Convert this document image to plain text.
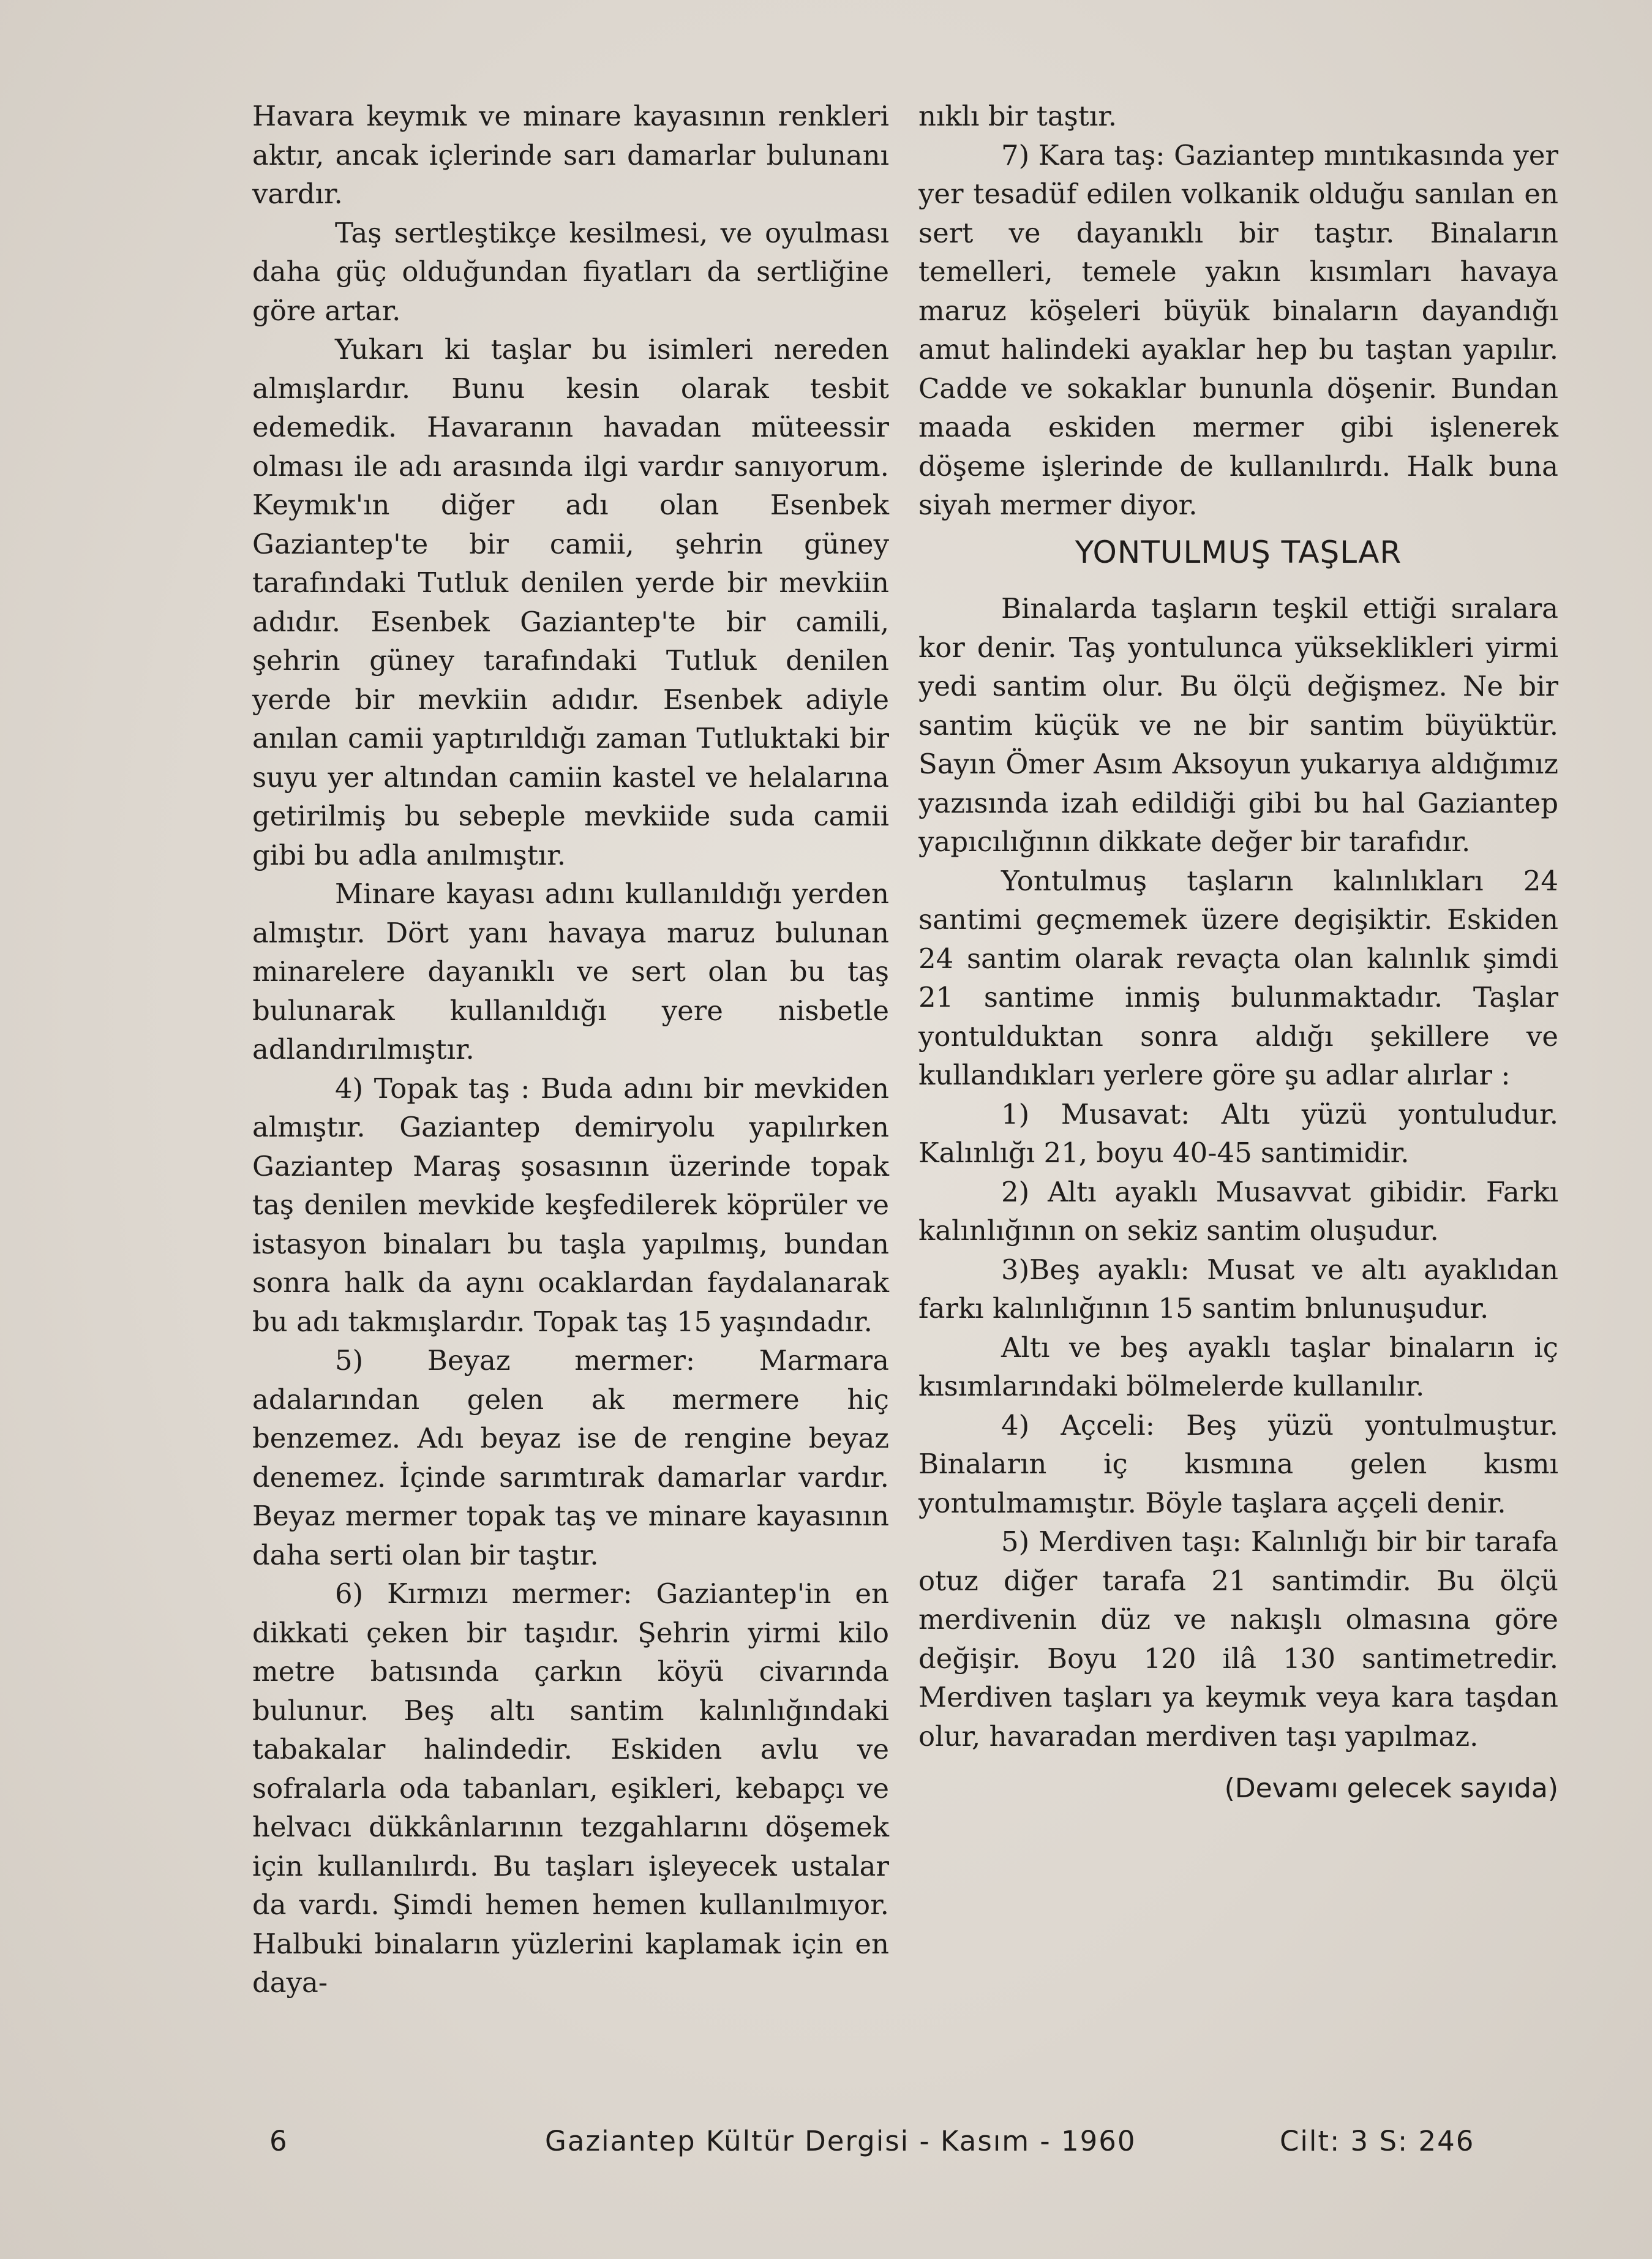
Havara keymık ve minare kayasının renkleri aktır, ancak içlerinde sarı damarlar bulunanı vardır.

Taş sertleştikçe kesilmesi, ve oyulması daha güç olduğundan fiyatları da sertliğine göre artar.

Yukarı ki taşlar bu isimleri nereden almışlardır. Bunu kesin olarak tesbit edemedik. Havaranın havadan müteessir olması ile adı arasında ilgi vardır sanıyorum. Keymık'ın diğer adı olan Esenbek Gaziantep'te bir camii, şehrin güney tarafındaki Tutluk denilen yerde bir mevkiin adıdır. Esenbek Gaziantep'te bir camili, şehrin güney tarafındaki Tutluk denilen yerde bir mevkiin adıdır. Esenbek adiyle anılan camii yaptırıldığı zaman Tutluktaki bir suyu yer altından camiin kastel ve helalarına getirilmiş bu sebeple mevkiide suda camii gibi bu adla anılmıştır.

Minare kayası adını kullanıldığı yerden almıştır. Dört yanı havaya maruz bulunan minarelere dayanıklı ve sert olan bu taş bulunarak kullanıldığı yere nisbetle adlandırılmıştır.

4) Topak taş : Buda adını bir mevkiden almıştır. Gaziantep demiryolu yapılırken Gaziantep Maraş şosasının üzerinde topak taş denilen mevkide keşfedilerek köprüler ve istasyon binaları bu taşla yapılmış, bundan sonra halk da aynı ocaklardan faydalanarak bu adı takmışlardır. Topak taş 15 yaşındadır.

5) Beyaz mermer: Marmara adalarından gelen ak mermere hiç benzemez. Adı beyaz ise de rengine beyaz denemez. İçinde sarımtırak damarlar vardır. Beyaz mermer topak taş ve minare kayasının daha serti olan bir taştır.

6) Kırmızı mermer: Gaziantep'in en dikkati çeken bir taşıdır. Şehrin yirmi kilo metre batısında çarkın köyü civarında bulunur. Beş altı santim kalınlığındaki tabakalar halindedir. Eskiden avlu ve sofralarla oda tabanları, eşikleri, kebapçı ve helvacı dükkânlarının tezgahlarını döşemek için kullanılırdı. Bu taşları işleyecek ustalar da vardı. Şimdi hemen hemen kullanılmıyor. Halbuki binaların yüzlerini kaplamak için en daya-

nıklı bir taştır.

7) Kara taş: Gaziantep mıntıkasında yer yer tesadüf edilen volkanik olduğu sanılan en sert ve dayanıklı bir taştır. Binaların temelleri, temele yakın kısımları havaya maruz köşeleri büyük binaların dayandığı amut halindeki ayaklar hep bu taştan yapılır. Cadde ve sokaklar bununla döşenir. Bundan maada eskiden mermer gibi işlenerek döşeme işlerinde de kullanılırdı. Halk buna siyah mermer diyor.

YONTULMUŞ TAŞLAR

Binalarda taşların teşkil ettiği sıralara kor denir. Taş yontulunca yükseklikleri yirmi yedi santim olur. Bu ölçü değişmez. Ne bir santim küçük ve ne bir santim büyüktür. Sayın Ömer Asım Aksoyun yukarıya aldığımız yazısında izah edildiği gibi bu hal Gaziantep yapıcılığının dikkate değer bir tarafıdır.

Yontulmuş taşların kalınlıkları 24 santimi geçmemek üzere degişiktir. Eskiden 24 santim olarak revaçta olan kalınlık şimdi 21 santime inmiş bulunmaktadır. Taşlar yontulduktan sonra aldığı şekillere ve kullandıkları yerlere göre şu adlar alırlar :

1) Musavat: Altı yüzü yontuludur. Kalınlığı 21, boyu 40-45 santimidir.

2) Altı ayaklı Musavvat gibidir. Farkı kalınlığının on sekiz santim oluşudur.

3)Beş ayaklı: Musat ve altı ayaklıdan farkı kalınlığının 15 santim bnlunuşudur.

Altı ve beş ayaklı taşlar binaların iç kısımlarındaki bölmelerde kullanılır.

4) Açceli: Beş yüzü yontulmuştur. Binaların iç kısmına gelen kısmı yontulmamıştır. Böyle taşlara aççeli denir.

5) Merdiven taşı: Kalınlığı bir bir tarafa otuz diğer tarafa 21 santimdir. Bu ölçü merdivenin düz ve nakışlı olmasına göre değişir. Boyu 120 ilâ 130 santimetredir. Merdiven taşları ya keymık veya kara taşdan olur, havaradan merdiven taşı yapılmaz.

(Devamı gelecek sayıda)
6	Gaziantep Kültür Dergisi - Kasım - 1960	Cilt: 3 S: 246
